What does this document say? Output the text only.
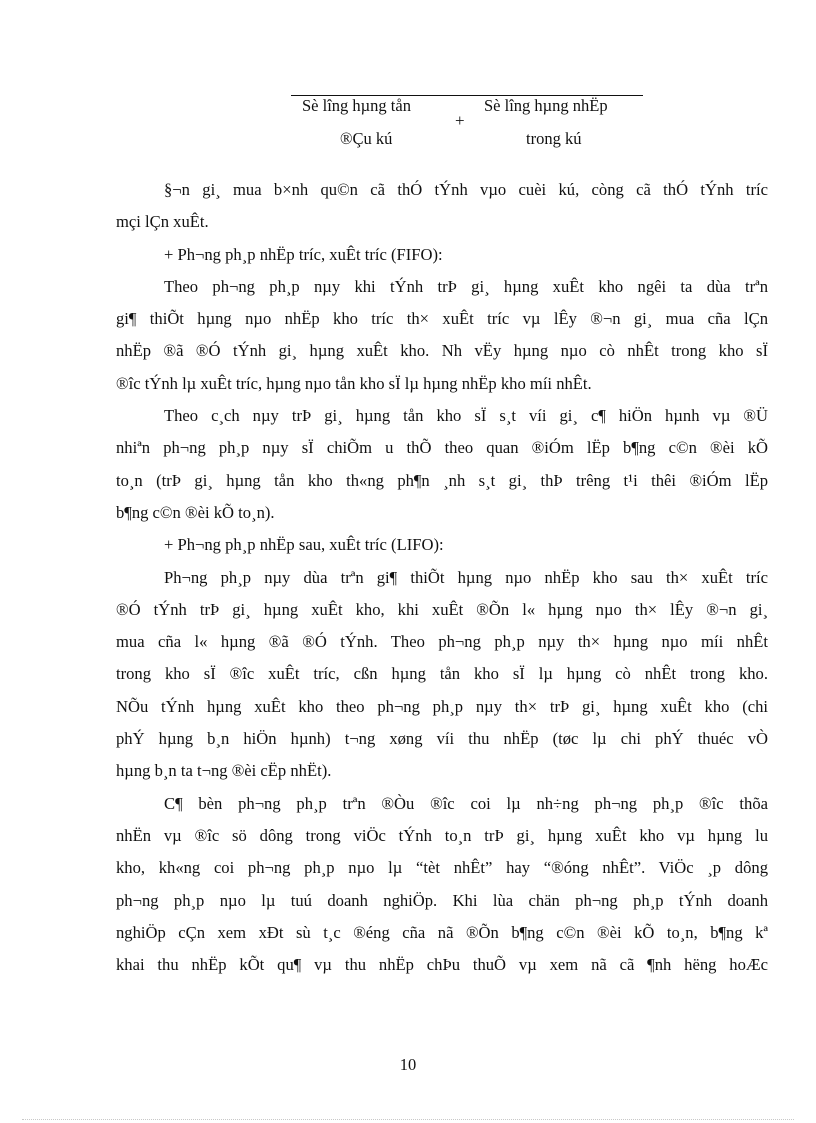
Sè lîng hµng tån	Sè lîng hµng nhËp
+
®Çu kú	trong kú
§¬n gi¸ mua b×nh qu©n cã thÓ tÝnh vµo cuèi kú, còng cã thÓ tÝnh tríc
mçi lÇn xuÊt.
+ Ph¬ng ph¸p nhËp tríc, xuÊt tríc (FIFO):
Theo ph¬ng ph¸p nµy khi tÝnh trÞ gi¸ hµng xuÊt kho ngêi ta dùa trªn
gi¶ thiÕt hµng nµo nhËp kho tríc th× xuÊt tríc vµ lÊy ®¬n gi¸ mua cña lÇn
nhËp ®ã ®Ó tÝnh gi¸ hµng xuÊt kho. Nh vËy hµng nµo cò nhÊt trong kho sÏ
®îc tÝnh lµ xuÊt tríc, hµng nµo tån kho sÏ lµ hµng nhËp kho míi nhÊt.
Theo c¸ch nµy trÞ gi¸ hµng tån kho sÏ s¸t víi gi¸ c¶ hiÖn hµnh vµ ®Ü
nhiªn ph¬ng ph¸p nµy sÏ chiÕm u thÕ theo quan ®iÓm lËp b¶ng c©n ®èi kÕ
to¸n (trÞ gi¸ hµng tån kho th«ng ph¶n ¸nh s¸t gi¸ thÞ trêng t¹i thêi ®iÓm lËp
b¶ng c©n ®èi kÕ to¸n).
+ Ph¬ng ph¸p nhËp sau, xuÊt tríc (LIFO):
Ph¬ng ph¸p nµy dùa trªn gi¶ thiÕt hµng nµo nhËp kho sau th× xuÊt tríc
®Ó tÝnh trÞ gi¸ hµng xuÊt kho, khi xuÊt ®Õn l« hµng nµo th× lÊy ®¬n gi¸
mua cña l« hµng ®ã ®Ó tÝnh. Theo ph¬ng ph¸p nµy th× hµng nµo míi nhÊt
trong kho sÏ ®îc xuÊt tríc, cßn hµng tån kho sÏ lµ hµng cò nhÊt trong kho.
NÕu tÝnh hµng xuÊt kho theo ph¬ng ph¸p nµy th× trÞ gi¸ hµng xuÊt kho (chi
phÝ hµng b¸n hiÖn hµnh) t¬ng xøng víi thu nhËp (tøc lµ chi phÝ thuéc vÒ
hµng b¸n ta t¬ng ®èi cËp nhËt).
C¶ bèn ph¬ng ph¸p trªn ®Òu ®îc coi lµ nh÷ng ph¬ng ph¸p ®îc thõa
nhËn vµ ®îc sö dông trong viÖc tÝnh to¸n trÞ gi¸ hµng xuÊt kho vµ hµng lu
kho, kh«ng coi ph¬ng ph¸p nµo lµ “tèt nhÊt” hay “®óng nhÊt”. ViÖc ¸p dông
ph¬ng ph¸p nµo lµ tuú doanh nghiÖp. Khi lùa chän ph¬ng ph¸p tÝnh doanh
nghiÖp cÇn xem xÐt sù t¸c ®éng cña nã ®Õn b¶ng c©n ®èi kÕ to¸n, b¶ng kª
khai thu nhËp kÕt qu¶ vµ thu nhËp chÞu thuÕ vµ xem nã cã ¶nh hëng hoÆc
10
